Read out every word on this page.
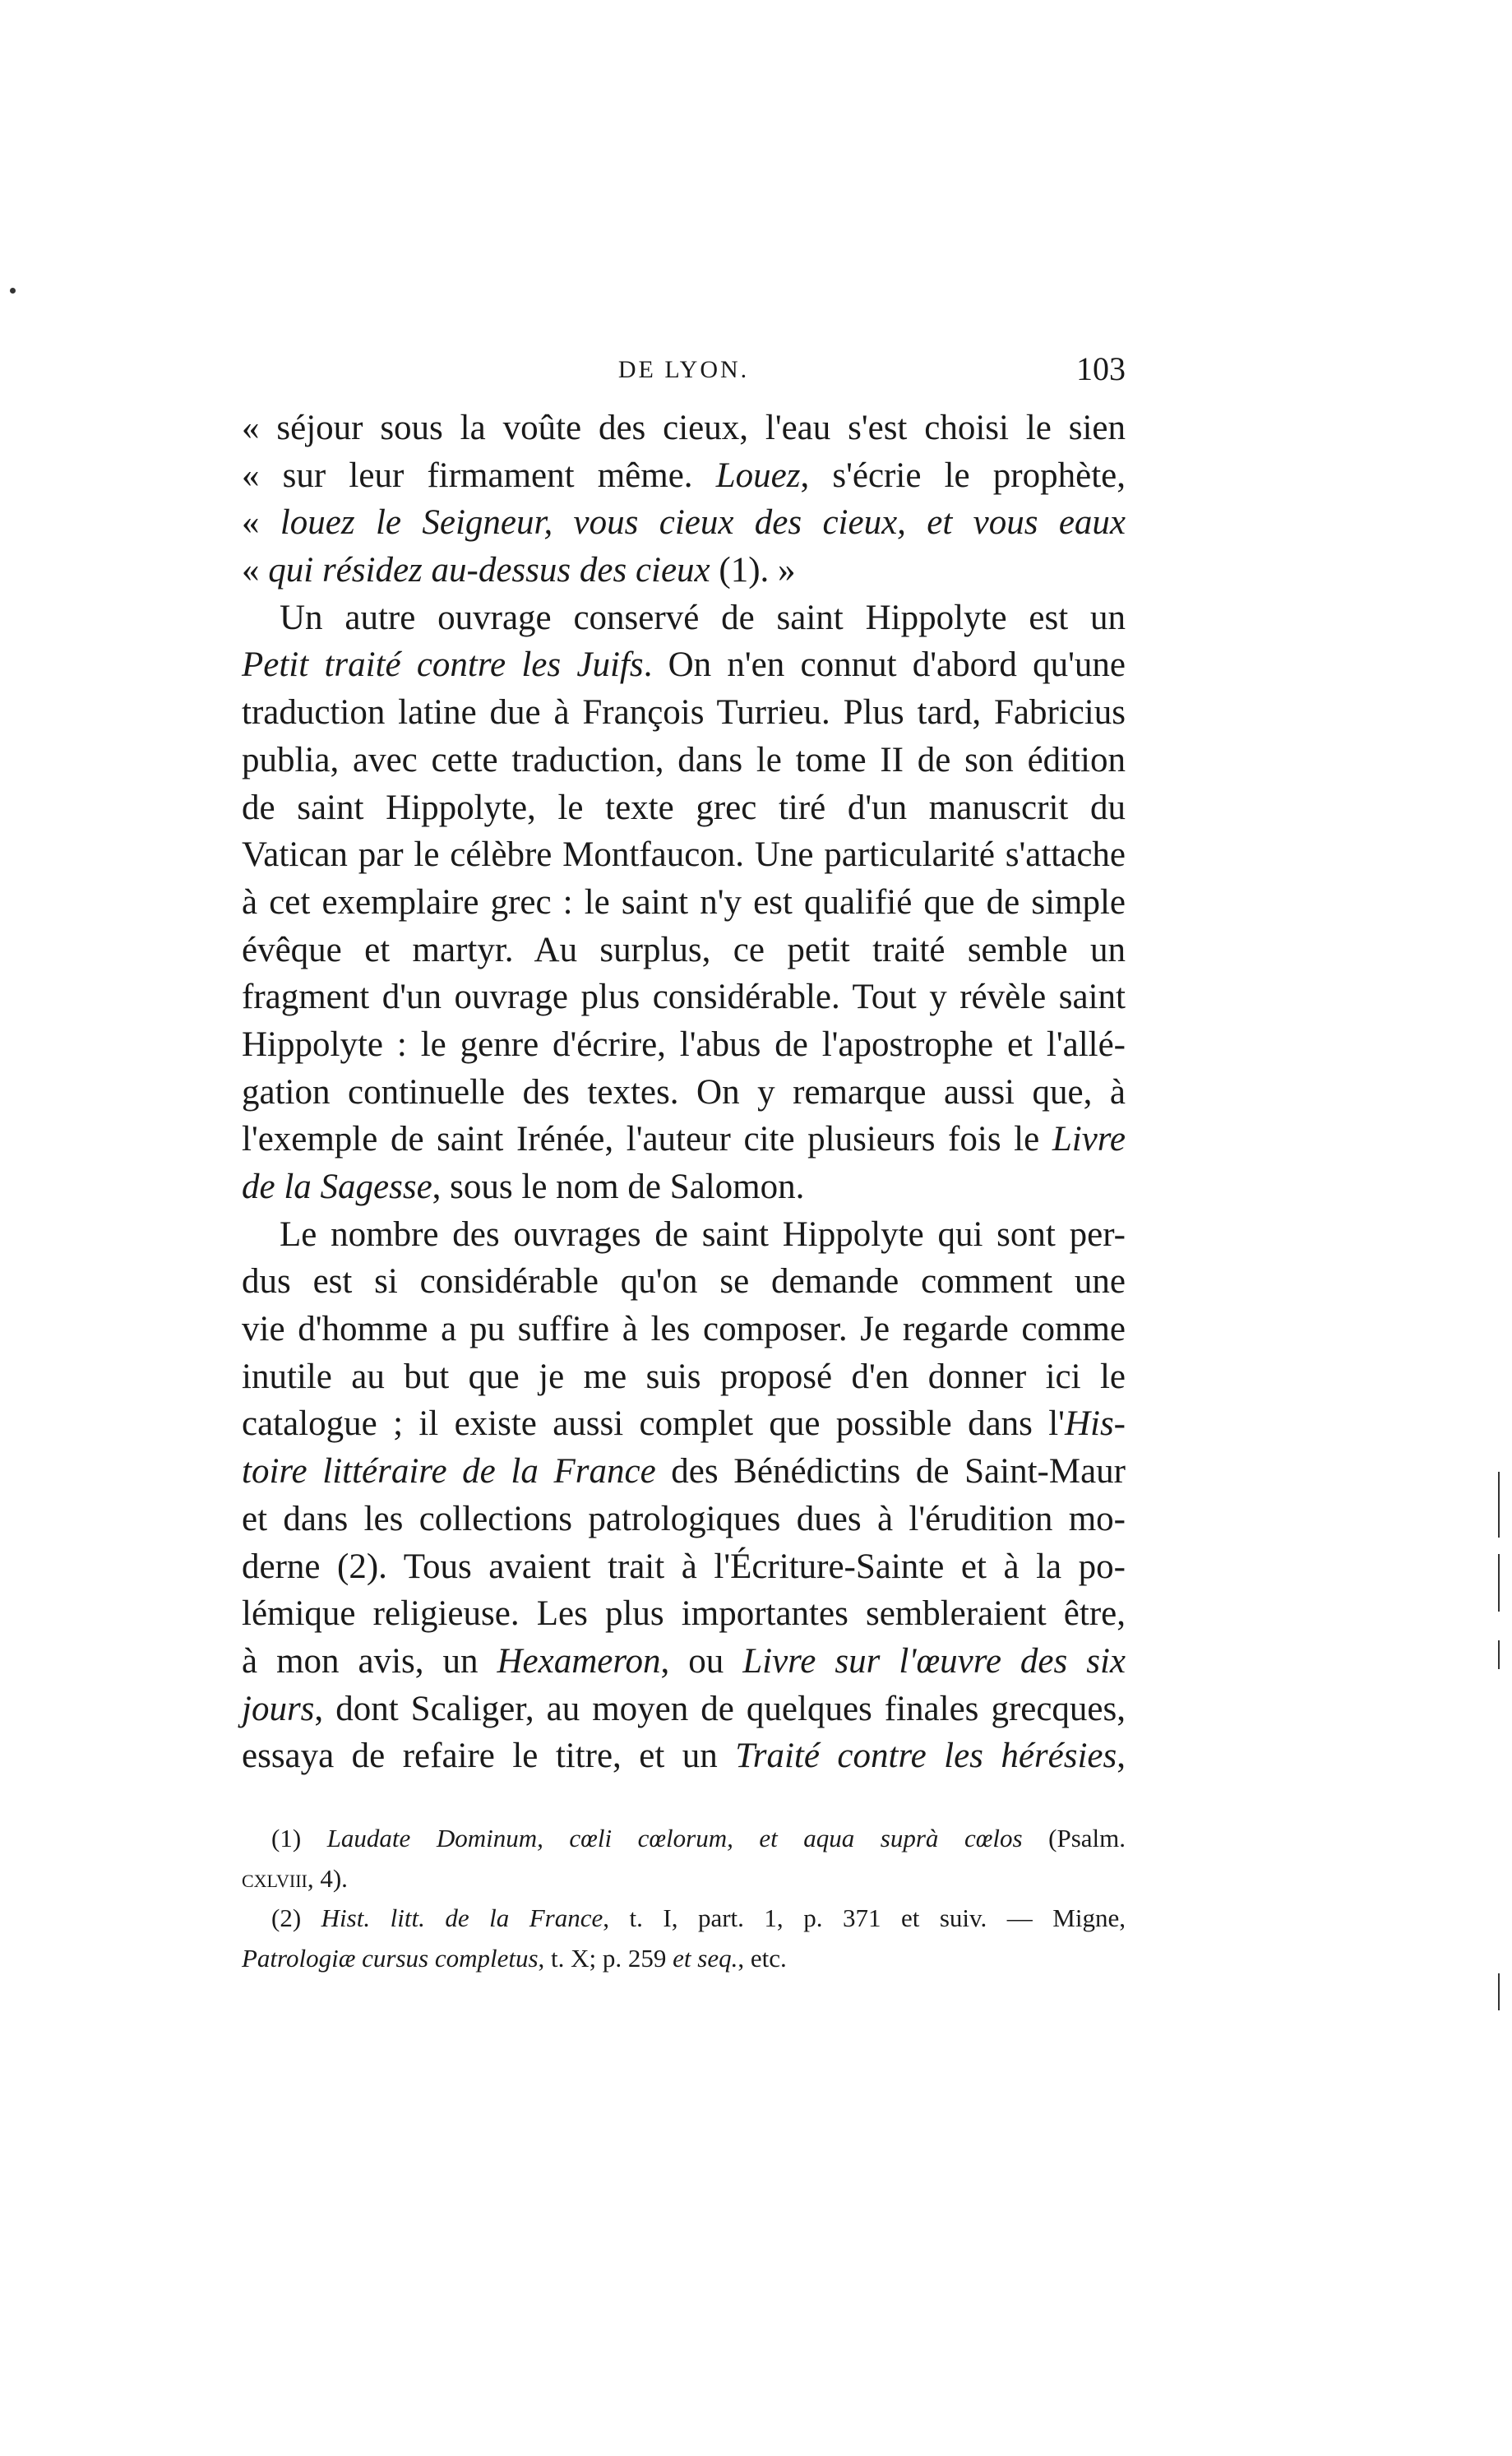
DE LYON.	103
« séjour sous la voûte des cieux, l'eau s'est choisi le sien
« sur leur firmament même. Louez, s'écrie le prophète,
« louez le Seigneur, vous cieux des cieux, et vous eaux
« qui résidez au-dessus des cieux (1). »
Un autre ouvrage conservé de saint Hippolyte est un
Petit traité contre les Juifs. On n'en connut d'abord qu'une
traduction latine due à François Turrieu. Plus tard, Fabricius
publia, avec cette traduction, dans le tome II de son édition
de saint Hippolyte, le texte grec tiré d'un manuscrit du
Vatican par le célèbre Montfaucon. Une particularité s'attache
à cet exemplaire grec : le saint n'y est qualifié que de simple
évêque et martyr. Au surplus, ce petit traité semble un
fragment d'un ouvrage plus considérable. Tout y révèle saint
Hippolyte : le genre d'écrire, l'abus de l'apostrophe et l'allé-
gation continuelle des textes. On y remarque aussi que, à
l'exemple de saint Irénée, l'auteur cite plusieurs fois le Livre
de la Sagesse, sous le nom de Salomon.
Le nombre des ouvrages de saint Hippolyte qui sont per-
dus est si considérable qu'on se demande comment une
vie d'homme a pu suffire à les composer. Je regarde comme
inutile au but que je me suis proposé d'en donner ici le
catalogue ; il existe aussi complet que possible dans l'His-
toire littéraire de la France des Bénédictins de Saint-Maur
et dans les collections patrologiques dues à l'érudition mo-
derne (2). Tous avaient trait à l'Écriture-Sainte et à la po-
lémique religieuse. Les plus importantes sembleraient être,
à mon avis, un Hexameron, ou Livre sur l'œuvre des six
jours, dont Scaliger, au moyen de quelques finales grecques,
essaya de refaire le titre, et un Traité contre les hérésies,
(1) Laudate Dominum, cœli cœlorum, et aqua suprà cœlos (Psalm.
cxlviii, 4).
(2) Hist. litt. de la France, t. I, part. 1, p. 371 et suiv. — Migne,
Patrologiæ cursus completus, t. X; p. 259 et seq., etc.
